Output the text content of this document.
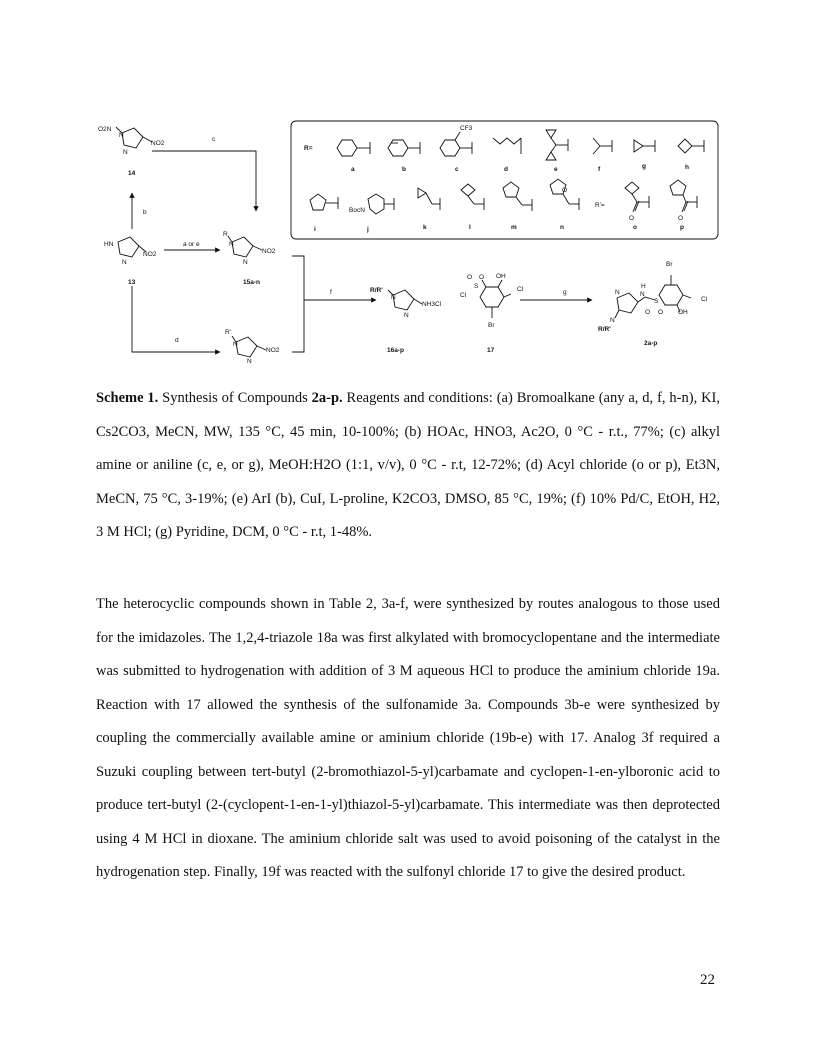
R=
a	b	c	d	e	f	g	h
i	j	k	l	m	n
R'=
o	p
CF3
BocN
O
O	O
O2N
N
NO2
N
14
c
b
HN
NO2
N
13
a or e
R
N
NO2
N
15a-n
d
R'
N
NO2
N
f	R/R'
N
NH3Cl
N
16a-p
O O OH
S
Cl
Cl
Br
17
g
Br
H
N
S
O O
Cl
OH
N
N
R/R'
2a-p

Scheme 1. Synthesis of Compounds 2a-p. Reagents and conditions: (a) Bromoalkane (any a, d, f, h-n), KI, Cs2CO3, MeCN, MW, 135 °C, 45 min, 10-100%; (b) HOAc, HNO3, Ac2O, 0 °C - r.t., 77%; (c) alkyl amine or aniline (c, e, or g), MeOH:H2O (1:1, v/v), 0 °C - r.t, 12-72%; (d) Acyl chloride (o or p), Et3N, MeCN, 75 °C, 3-19%; (e) ArI (b), CuI, L-proline, K2CO3, DMSO, 85 °C, 19%; (f) 10% Pd/C, EtOH, H2, 3 M HCl; (g) Pyridine, DCM, 0 °C - r.t, 1-48%.

The heterocyclic compounds shown in Table 2, 3a-f, were synthesized by routes analogous to those used for the imidazoles. The 1,2,4-triazole 18a was first alkylated with bromocyclopentane and the intermediate was submitted to hydrogenation with addition of 3 M aqueous HCl to produce the aminium chloride 19a. Reaction with 17 allowed the synthesis of the sulfonamide 3a. Compounds 3b-e were synthesized by coupling the commercially available amine or aminium chloride (19b-e) with 17. Analog 3f required a Suzuki coupling between tert-butyl (2-bromothiazol-5-yl)carbamate and cyclopen-1-en-ylboronic acid to produce tert-butyl (2-(cyclopent-1-en-1-yl)thiazol-5-yl)carbamate. This intermediate was then deprotected using 4 M HCl in dioxane. The aminium chloride salt was used to avoid poisoning of the catalyst in the hydrogenation step. Finally, 19f was reacted with the sulfonyl chloride 17 to give the desired product.

22
